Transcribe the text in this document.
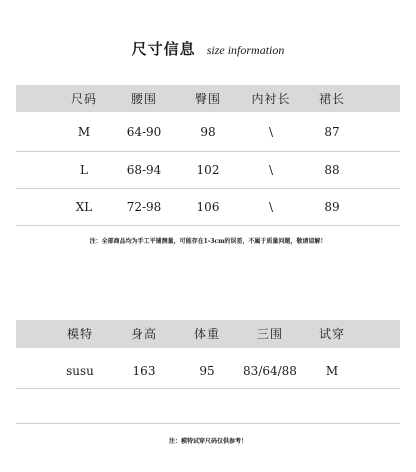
尺寸信息 size information
尺码	腰围	臀围	内衬长 裙长
M	64-90	98	\	87
L	68-94	102	\	88
XL	72-98	106	\	89
注：全部商品均为手工平铺测量，可能存在1-3cm的误差，不属于质量问题，敬请谅解！
模特	身高	体重	三围	试穿
susu	163	95 83/64/88 M
注：模特试穿尺码仅供参考！
